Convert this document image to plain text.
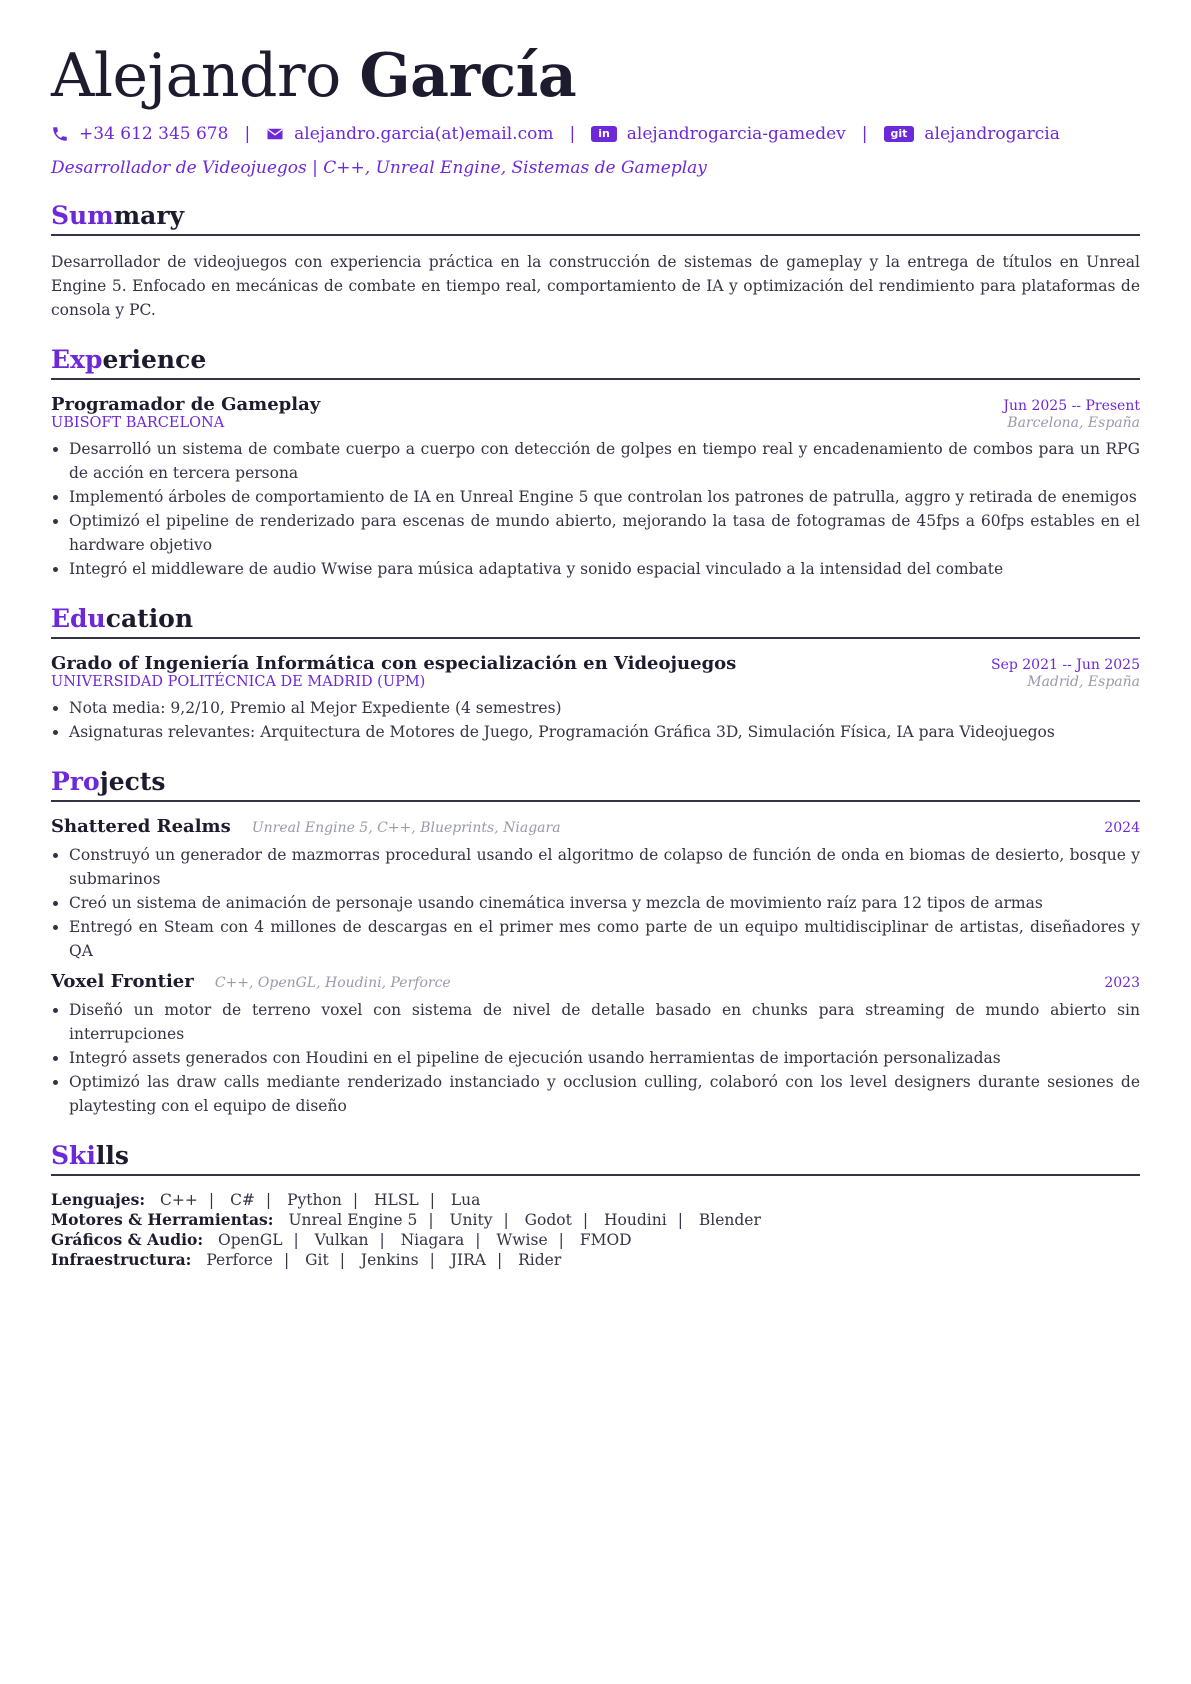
Alejandro García
+34 612 345 678 |	alejandro.garcia(at)email.com |	in	alejandrogarcia-gamedev |	git	alejandrogarcia
Desarrollador de Videojuegos | C++, Unreal Engine, Sistemas de Gameplay
Summary

Desarrollador de videojuegos con experiencia práctica en la construcción de sistemas de gameplay y la entrega de títulos en Unreal Engine 5. Enfocado en mecánicas de combate en tiempo real, comportamiento de IA y optimización del rendimiento para plataformas de consola y PC.

Experience
Programador de Gameplay	Jun 2025 -- Present
UBISOFT BARCELONA	Barcelona, España
• Desarrolló un sistema de combate cuerpo a cuerpo con detección de golpes en tiempo real y encadenamiento de combos para un RPG de acción en tercera persona
• Implementó árboles de comportamiento de IA en Unreal Engine 5 que controlan los patrones de patrulla, aggro y retirada de enemigos
• Optimizó el pipeline de renderizado para escenas de mundo abierto, mejorando la tasa de fotogramas de 45fps a 60fps estables en el hardware objetivo
• Integró el middleware de audio Wwise para música adaptativa y sonido espacial vinculado a la intensidad del combate
Education
Grado of Ingeniería Informática con especialización en Videojuegos	Sep 2021 -- Jun 2025
UNIVERSIDAD POLITÉCNICA DE MADRID (UPM)	Madrid, España
• Nota media: 9,2/10, Premio al Mejor Expediente (4 semestres)
• Asignaturas relevantes: Arquitectura de Motores de Juego, Programación Gráfica 3D, Simulación Física, IA para Videojuegos
Projects
Shattered Realms Unreal Engine 5, C++, Blueprints, Niagara	2024
• Construyó un generador de mazmorras procedural usando el algoritmo de colapso de función de onda en biomas de desierto, bosque y submarinos
• Creó un sistema de animación de personaje usando cinemática inversa y mezcla de movimiento raíz para 12 tipos de armas
• Entregó en Steam con 4 millones de descargas en el primer mes como parte de un equipo multidisciplinar de artistas, diseñadores y QA
Voxel Frontier C++, OpenGL, Houdini, Perforce	2023
• Diseñó un motor de terreno voxel con sistema de nivel de detalle basado en chunks para streaming de mundo abierto sin interrupciones
• Integró assets generados con Houdini en el pipeline de ejecución usando herramientas de importación personalizadas
• Optimizó las draw calls mediante renderizado instanciado y occlusion culling, colaboró con los level designers durante sesiones de playtesting con el equipo de diseño
Skills
Lenguajes: C++ | C# | Python | HLSL | Lua
Motores & Herramientas: Unreal Engine 5 | Unity | Godot | Houdini | Blender
Gráficos & Audio: OpenGL | Vulkan | Niagara | Wwise | FMOD
Infraestructura: Perforce | Git | Jenkins | JIRA | Rider
